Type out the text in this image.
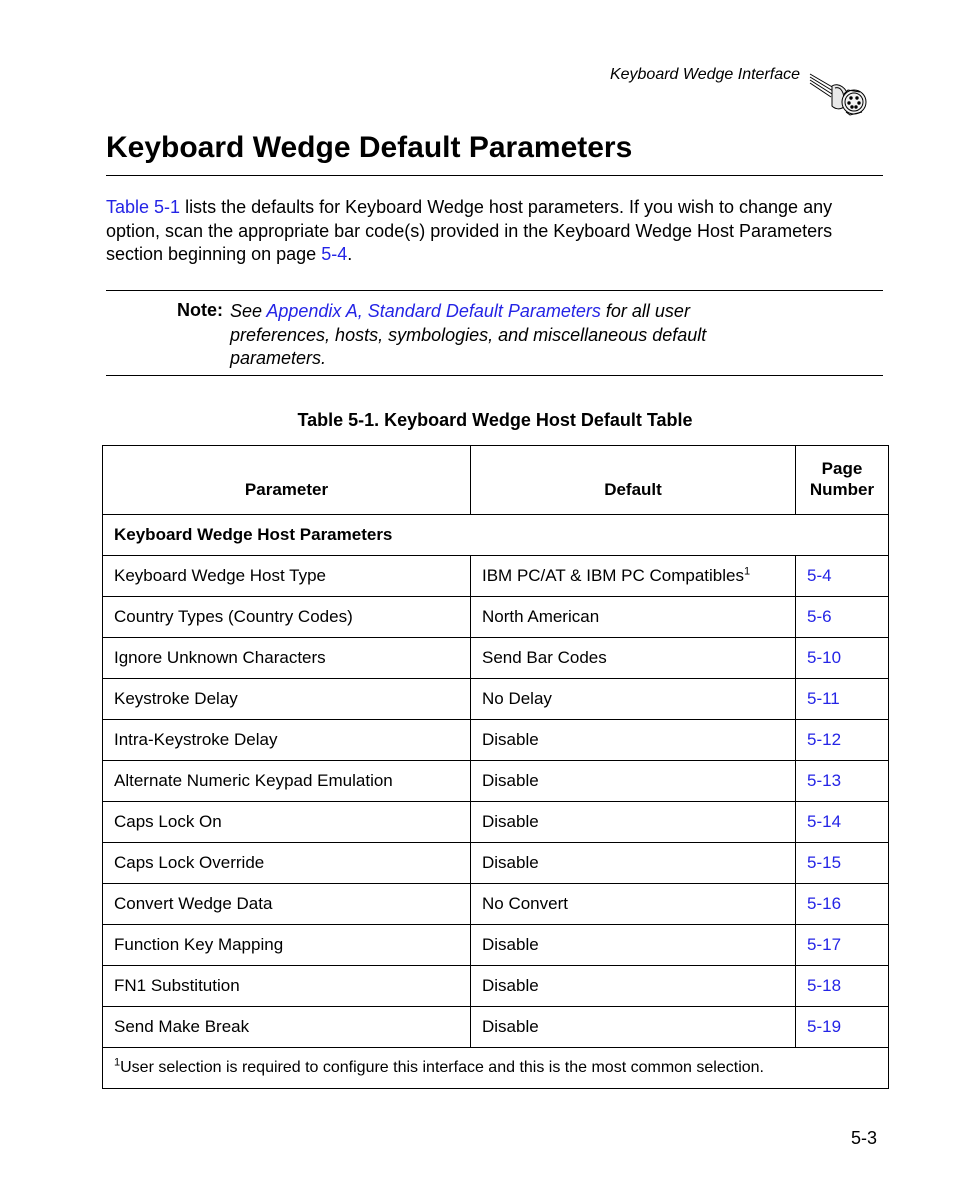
Keyboard Wedge Interface
Keyboard Wedge Default Parameters

Table 5-1 lists the defaults for Keyboard Wedge host parameters. If you wish to change any option, scan the appropriate bar code(s) provided in the Keyboard Wedge Host Parameters section beginning on page 5-4.

Note: See Appendix A, Standard Default Parameters for all user preferences, hosts, symbologies, and miscellaneous default parameters.

Table 5-1. Keyboard Wedge Host Default Table
Parameter	Default	Page
Number
Keyboard Wedge Host Parameters		
Keyboard Wedge Host Type	IBM PC/AT & IBM PC Compatibles$^1$	5-4
Country Types (Country Codes)	North American	5-6
Ignore Unknown Characters	Send Bar Codes	5-10
Keystroke Delay	No Delay	5-11
Intra-Keystroke Delay	Disable	5-12
Alternate Numeric Keypad Emulation	Disable	5-13
Caps Lock On	Disable	5-14
Caps Lock Override	Disable	5-15
Convert Wedge Data	No Convert	5-16
Function Key Mapping	Disable	5-17
FN1 Substitution	Disable	5-18
Send Make Break	Disable	5-19
$^1$User selection is required to configure this interface and this is the most common selection.		
5-3
